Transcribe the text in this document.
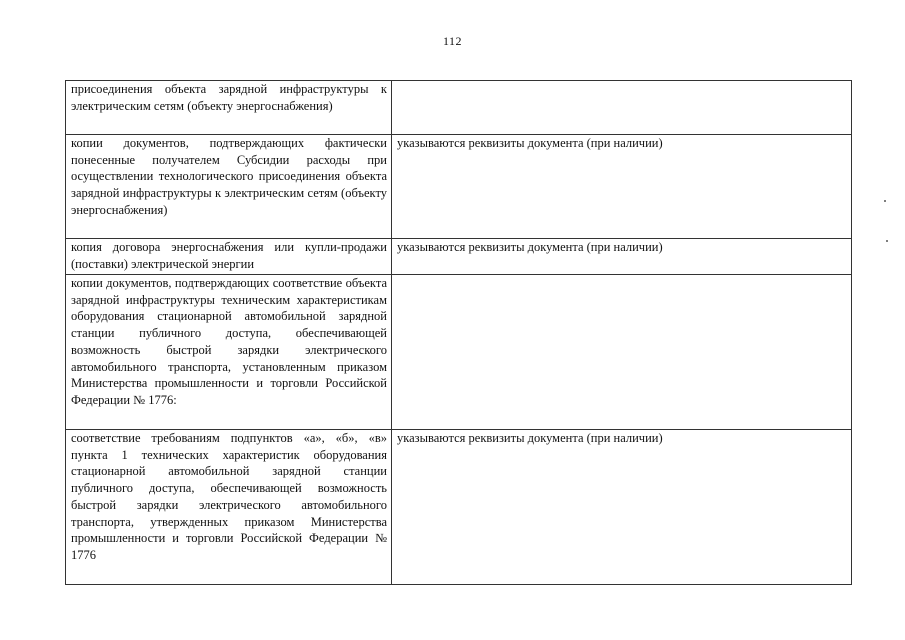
112
присоединения объекта зарядной инфраструктуры к электрическим сетям (объекту энергоснабжения)	

копии документов, подтверждающих фактически понесенные получателем Субсидии расходы при осуществлении технологического присоединения объекта зарядной инфраструктуры к электрическим сетям (объекту энергоснабжения)	указываются реквизиты документа (при наличии)

копия договора энергоснабжения или купли-продажи (поставки) электрической энергии	указываются реквизиты документа (при наличии)

копии документов, подтверждающих соответствие объекта зарядной инфраструктуры техническим характеристикам оборудования стационарной автомобильной зарядной станции публичного доступа, обеспечивающей возможность быстрой зарядки электрического автомобильного транспорта, установленным приказом Министерства промышленности и торговли Российской Федерации № 1776:	

соответствие требованиям подпунктов «а», «б», «в» пункта 1 технических характеристик оборудования стационарной автомобильной зарядной станции публичного доступа, обеспечивающей возможность быстрой зарядки электрического автомобильного транспорта, утвержденных приказом Министерства промышленности и торговли Российской Федерации № 1776	указываются реквизиты документа (при наличии)
